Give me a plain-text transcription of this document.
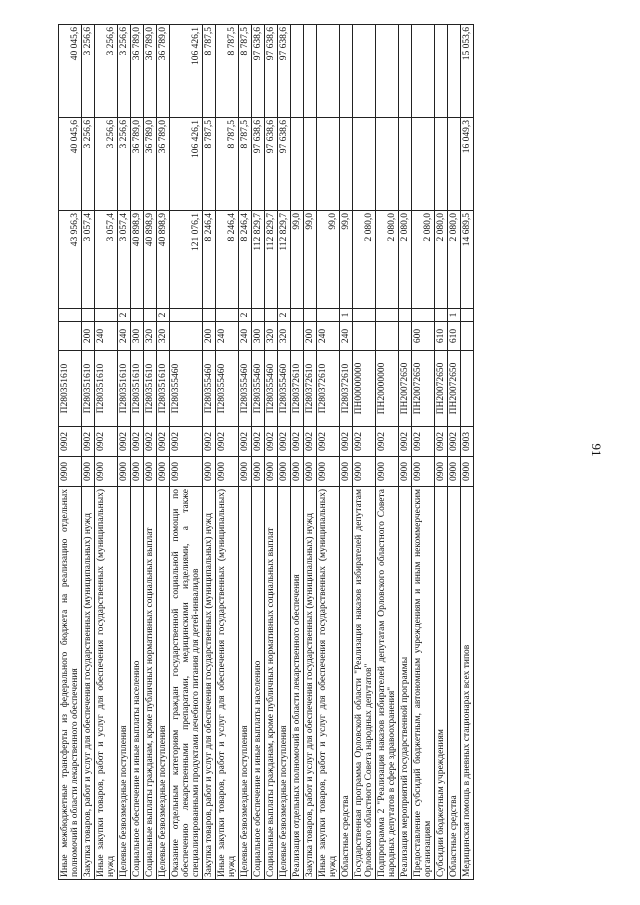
91
Иные межбюджетные трансферты из федерального бюджета на реализацию отдельных полномочий в области лекарственного обеспечения	0900	0902	П280351610			43 956,3	40 045,6	40 045,6
Закупка товаров, работ и услуг для обеспечения государственных (муниципальных) нужд	0900	0902	П280351610	200		3 057,4	3 256,6	3 256,6
Иные закупки товаров, работ и услуг для обеспечения государственных (муниципальных) нужд	0900	0902	П280351610	240		3 057,4	3 256,6	3 256,6
Целевые безвозмездные поступления	0900	0902	П280351610	240	2	3 057,4	3 256,6	3 256,6
Социальное обеспечение и иные выплаты населению	0900	0902	П280351610	300		40 898,9	36 789,0	36 789,0
Социальные выплаты гражданам, кроме публичных нормативных социальных выплат	0900	0902	П280351610	320		40 898,9	36 789,0	36 789,0
Целевые безвозмездные поступления	0900	0902	П280351610	320	2	40 898,9	36 789,0	36 789,0
Оказание отдельным категориям граждан государственной социальной помощи по обеспечению лекарственными препаратами, медицинскими изделиями, а также специализированными продуктами лечебного питания для детей-инвалидов	0900	0902	П280355460			121 076,1	106 426,1	106 426,1
Закупка товаров, работ и услуг для обеспечения государственных (муниципальных) нужд	0900	0902	П280355460	200		8 246,4	8 787,5	8 787,5
Иные закупки товаров, работ и услуг для обеспечения государственных (муниципальных) нужд	0900	0902	П280355460	240		8 246,4	8 787,5	8 787,5
Целевые безвозмездные поступления	0900	0902	П280355460	240	2	8 246,4	8 787,5	8 787,5
Социальное обеспечение и иные выплаты населению	0900	0902	П280355460	300		112 829,7	97 638,6	97 638,6
Социальные выплаты гражданам, кроме публичных нормативных социальных выплат	0900	0902	П280355460	320		112 829,7	97 638,6	97 638,6
Целевые безвозмездные поступления	0900	0902	П280355460	320	2	112 829,7	97 638,6	97 638,6
Реализация отдельных полномочий в области лекарственного обеспечения	0900	0902	П280372610			99,0		
Закупка товаров, работ и услуг для обеспечения государственных (муниципальных) нужд	0900	0902	П280372610	200		99,0		
Иные закупки товаров, работ и услуг для обеспечения государственных (муниципальных) нужд	0900	0902	П280372610	240		99,0		
Областные средства	0900	0902	П280372610	240	1	99,0		
Государственная программа Орловской области "Реализация наказов избирателей депутатам Орловского областного Совета народных депутатов"	0900	0902	ПН00000000			2 080,0		
Подпрограмма 2 "Реализация наказов избирателей депутатам Орловского областного Совета народных депутатов в сфере здравоохранения"	0900	0902	ПН20000000			2 080,0		
Реализация мероприятий государственной программы	0900	0902	ПН20072650			2 080,0		
Предоставление субсидий бюджетным, автономным учреждениям и иным некоммерческим организациям	0900	0902	ПН20072650	600		2 080,0		
Субсидии бюджетным учреждениям	0900	0902	ПН20072650	610		2 080,0		
Областные средства	0900	0902	ПН20072650	610	1	2 080,0		
Медицинская помощь в дневных стационарах всех типов	0900	0903				14 689,5	16 049,3	15 053,6
